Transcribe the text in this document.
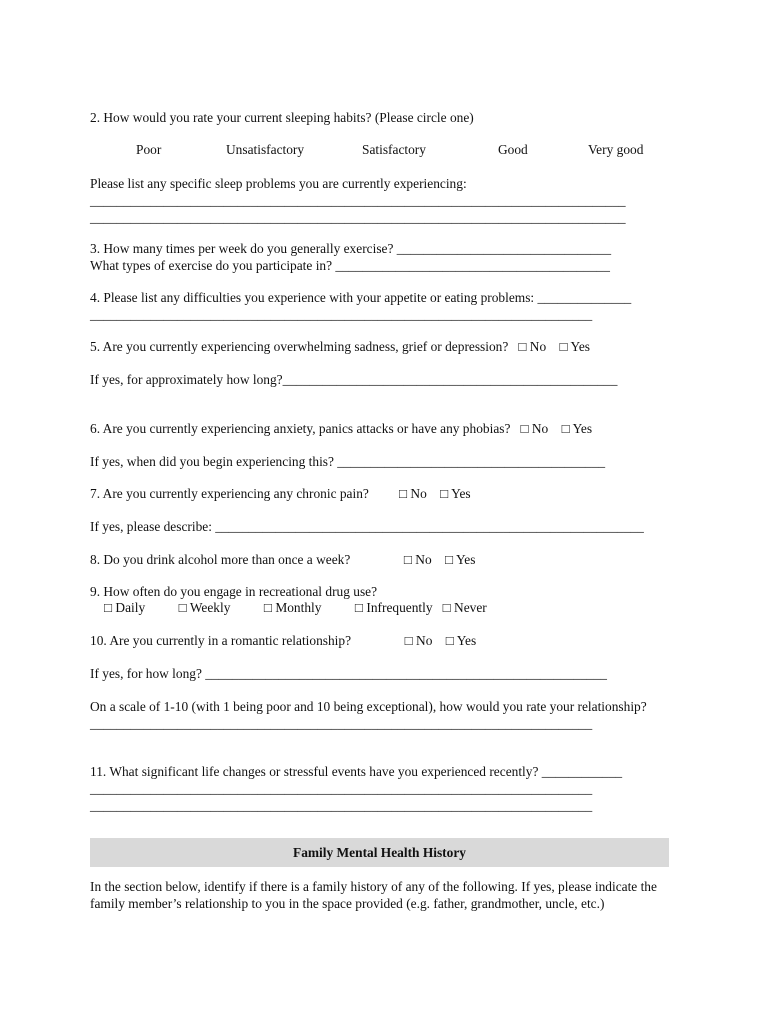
2. How would you rate your current sleeping habits? (Please circle one)
Poor	Unsatisfactory	Satisfactory	Good	Very good
Please list any specific sleep problems you are currently experiencing:
________________________________________________________________________________
________________________________________________________________________________
3. How many times per week do you generally exercise? ________________________________
What types of exercise do you participate in? _________________________________________
4. Please list any difficulties you experience with your appetite or eating problems: ______________
___________________________________________________________________________
5. Are you currently experiencing overwhelming sadness, grief or depression?   □ No    □ Yes
If yes, for approximately how long?__________________________________________________
6. Are you currently experiencing anxiety, panics attacks or have any phobias?   □ No    □ Yes
If yes, when did you begin experiencing this? ________________________________________
7. Are you currently experiencing any chronic pain?         □ No    □ Yes
If yes, please describe: ________________________________________________________________
8. Do you drink alcohol more than once a week?                □ No    □ Yes
9. How often do you engage in recreational drug use?
□ Daily          □ Weekly          □ Monthly          □ Infrequently   □ Never
10. Are you currently in a romantic relationship?                □ No    □ Yes
If yes, for how long? ____________________________________________________________
On a scale of 1-10 (with 1 being poor and 10 being exceptional), how would you rate your relationship?
___________________________________________________________________________
11. What significant life changes or stressful events have you experienced recently? ____________
___________________________________________________________________________
___________________________________________________________________________
Family Mental Health History
In the section below, identify if there is a family history of any of the following. If yes, please indicate the
family member’s relationship to you in the space provided (e.g. father, grandmother, uncle, etc.)
